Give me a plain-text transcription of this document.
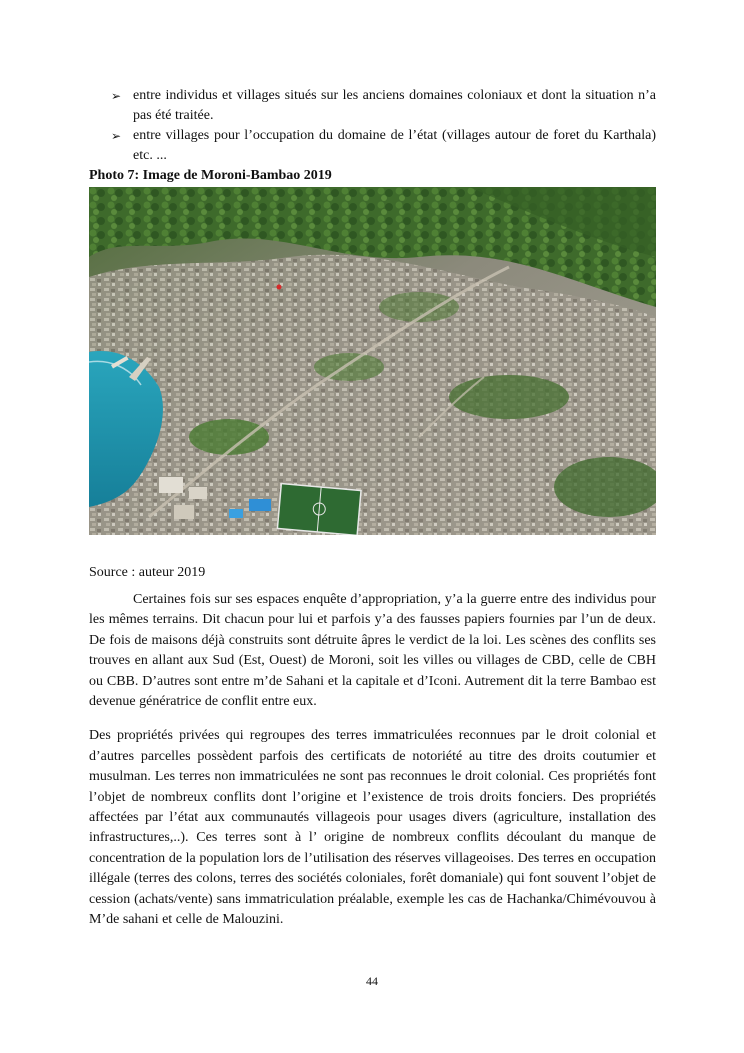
➢ entre individus et villages situés sur les anciens domaines coloniaux et dont la situation n’a pas été traitée.
➢ entre villages pour l’occupation du domaine de l’état (villages autour de foret du Karthala) etc. ...
Photo 7: Image de Moroni-Bambao 2019
Source : auteur 2019

Certaines fois sur ses espaces enquête d’appropriation, y’a la guerre entre des individus pour les mêmes terrains. Dit chacun pour lui et parfois y’a des fausses papiers fournies par l’un de deux. De fois de maisons déjà construits sont détruite âpres le verdict de la loi. Les scènes des conflits ses trouves en allant aux Sud (Est, Ouest) de Moroni, soit les villes ou villages de CBD, celle de CBH ou CBB. D’autres sont entre m’de Sahani et la capitale et d’Iconi. Autrement dit la terre Bambao est devenue génératrice de conflit entre eux.

Des propriétés privées qui regroupes des terres immatriculées reconnues par le droit colonial et d’autres parcelles possèdent parfois des certificats de notoriété au titre des droits coutumier et musulman. Les terres non immatriculées ne sont pas reconnues le droit colonial. Ces propriétés font l’objet de nombreux conflits dont l’origine et l’existence de trois droits fonciers. Des propriétés affectées par l’état aux communautés villageois pour usages divers (agriculture, installation des infrastructures,..). Ces terres sont à l’ origine de nombreux conflits découlant du manque de concentration de la population lors de l’utilisation des réserves villageoises. Des terres en occupation illégale (terres des colons, terres des sociétés coloniales, forêt domaniale) qui font souvent l’objet de cession (achats/vente) sans immatriculation préalable, exemple les cas de Hachanka/Chimévouvou à M’de sahani et celle de Malouzini.

44
